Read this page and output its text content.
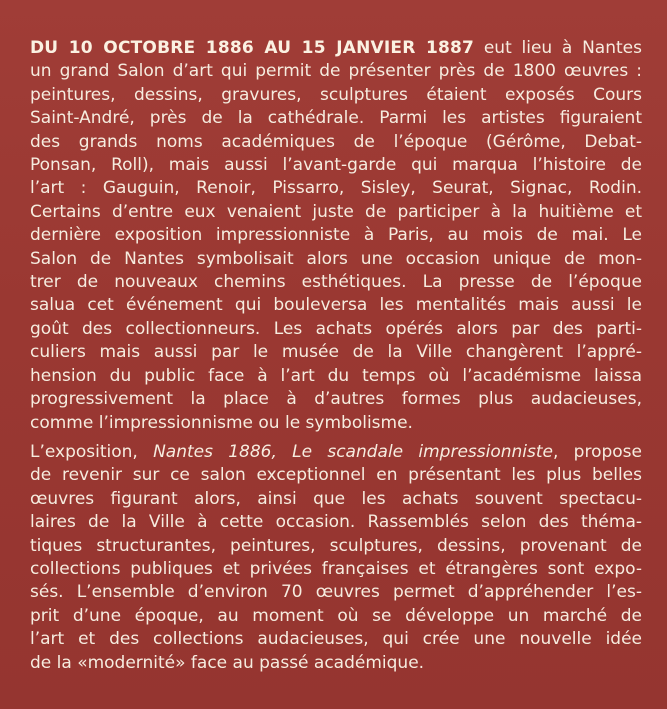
DU 10 OCTOBRE 1886 AU 15 JANVIER 1887 eut lieu à Nantes
un grand Salon d’art qui permit de présenter près de 1800 œuvres :
peintures, dessins, gravures, sculptures étaient exposés Cours
Saint-André, près de la cathédrale. Parmi les artistes figuraient
des grands noms académiques de l’époque (Gérôme, Debat-
Ponsan, Roll), mais aussi l’avant-garde qui marqua l’histoire de
l’art : Gauguin, Renoir, Pissarro, Sisley, Seurat, Signac, Rodin.
Certains d’entre eux venaient juste de participer à la huitième et
dernière exposition impressionniste à Paris, au mois de mai. Le
Salon de Nantes symbolisait alors une occasion unique de mon-
trer de nouveaux chemins esthétiques. La presse de l’époque
salua cet événement qui bouleversa les mentalités mais aussi le
goût des collectionneurs. Les achats opérés alors par des parti-
culiers mais aussi par le musée de la Ville changèrent l’appré-
hension du public face à l’art du temps où l’académisme laissa
progressivement la place à d’autres formes plus audacieuses,
comme l’impressionnisme ou le symbolisme.
L’exposition, Nantes 1886, Le scandale impressionniste, propose
de revenir sur ce salon exceptionnel en présentant les plus belles
œuvres figurant alors, ainsi que les achats souvent spectacu-
laires de la Ville à cette occasion. Rassemblés selon des théma-
tiques structurantes, peintures, sculptures, dessins, provenant de
collections publiques et privées françaises et étrangères sont expo-
sés. L’ensemble d’environ 70 œuvres permet d’appréhender l’es-
prit d’une époque, au moment où se développe un marché de
l’art et des collections audacieuses, qui crée une nouvelle idée
de la «modernité» face au passé académique.
